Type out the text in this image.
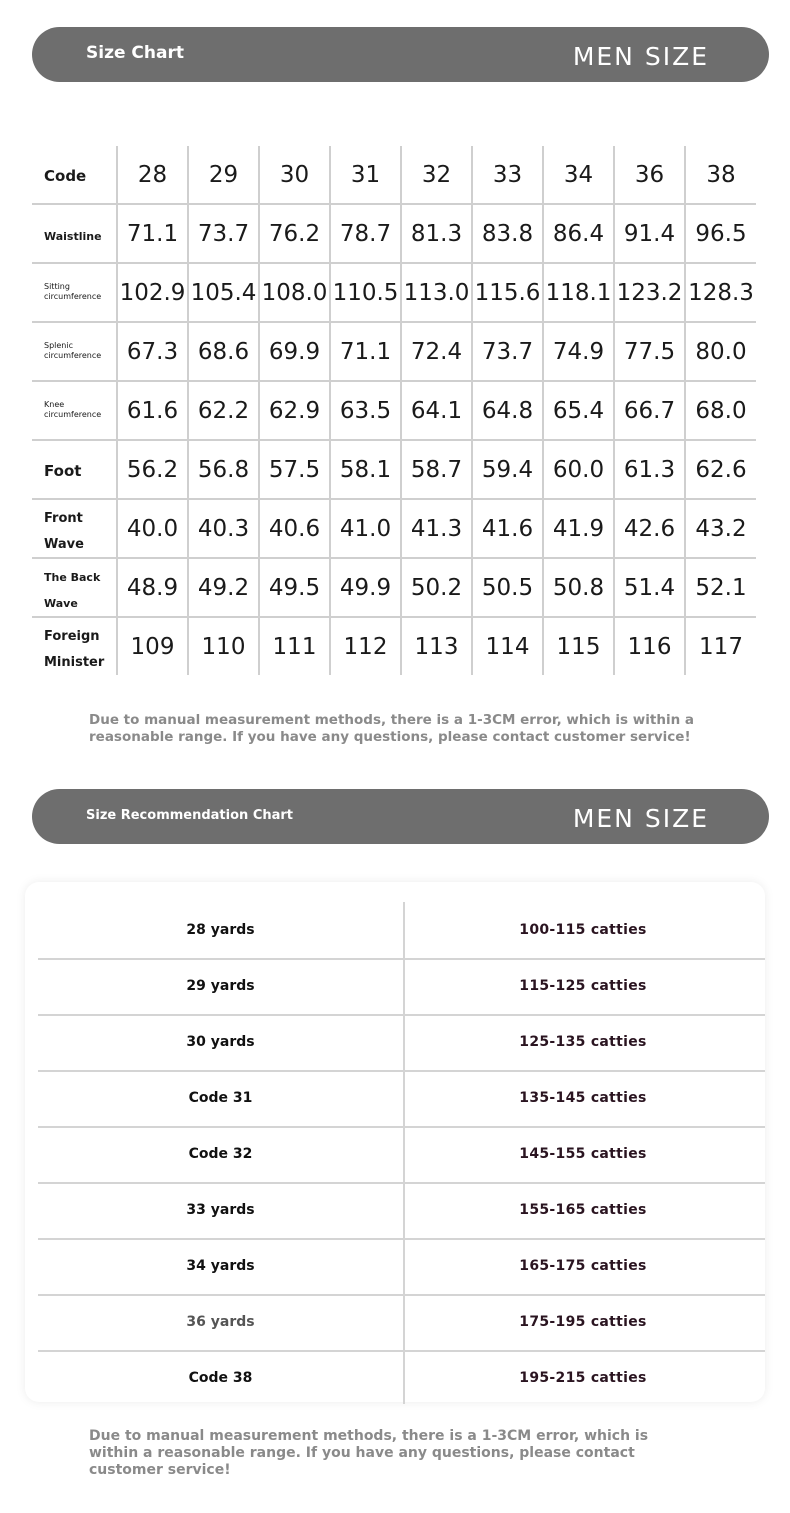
Size Chart	MEN SIZE
Code	28	29	30	31	32	33	34	36	38
Waistline	71.1	73.7	76.2	78.7	81.3	83.8	86.4	91.4	96.5
Sitting
circumference	102.9	105.4	108.0	110.5	113.0	115.6	118.1	123.2	128.3
Splenic
circumference	67.3	68.6	69.9	71.1	72.4	73.7	74.9	77.5	80.0
Knee
circumference	61.6	62.2	62.9	63.5	64.1	64.8	65.4	66.7	68.0
Foot	56.2	56.8	57.5	58.1	58.7	59.4	60.0	61.3	62.6
Front
Wave	40.0	40.3	40.6	41.0	41.3	41.6	41.9	42.6	43.2
The Back
Wave	48.9	49.2	49.5	49.9	50.2	50.5	50.8	51.4	52.1
Foreign
Minister	109	110	111	112	113	114	115	116	117
Due to manual measurement methods, there is a 1-3CM error, which is within a reasonable range. If you have any questions, please contact customer service!
Size Recommendation Chart	MEN SIZE
28 yards	100-115 catties
29 yards	115-125 catties
30 yards	125-135 catties
Code 31	135-145 catties
Code 32	145-155 catties
33 yards	155-165 catties
34 yards	165-175 catties
36 yards	175-195 catties
Code 38	195-215 catties
Due to manual measurement methods, there is a 1-3CM error, which is within a reasonable range. If you have any questions, please contact customer service!
